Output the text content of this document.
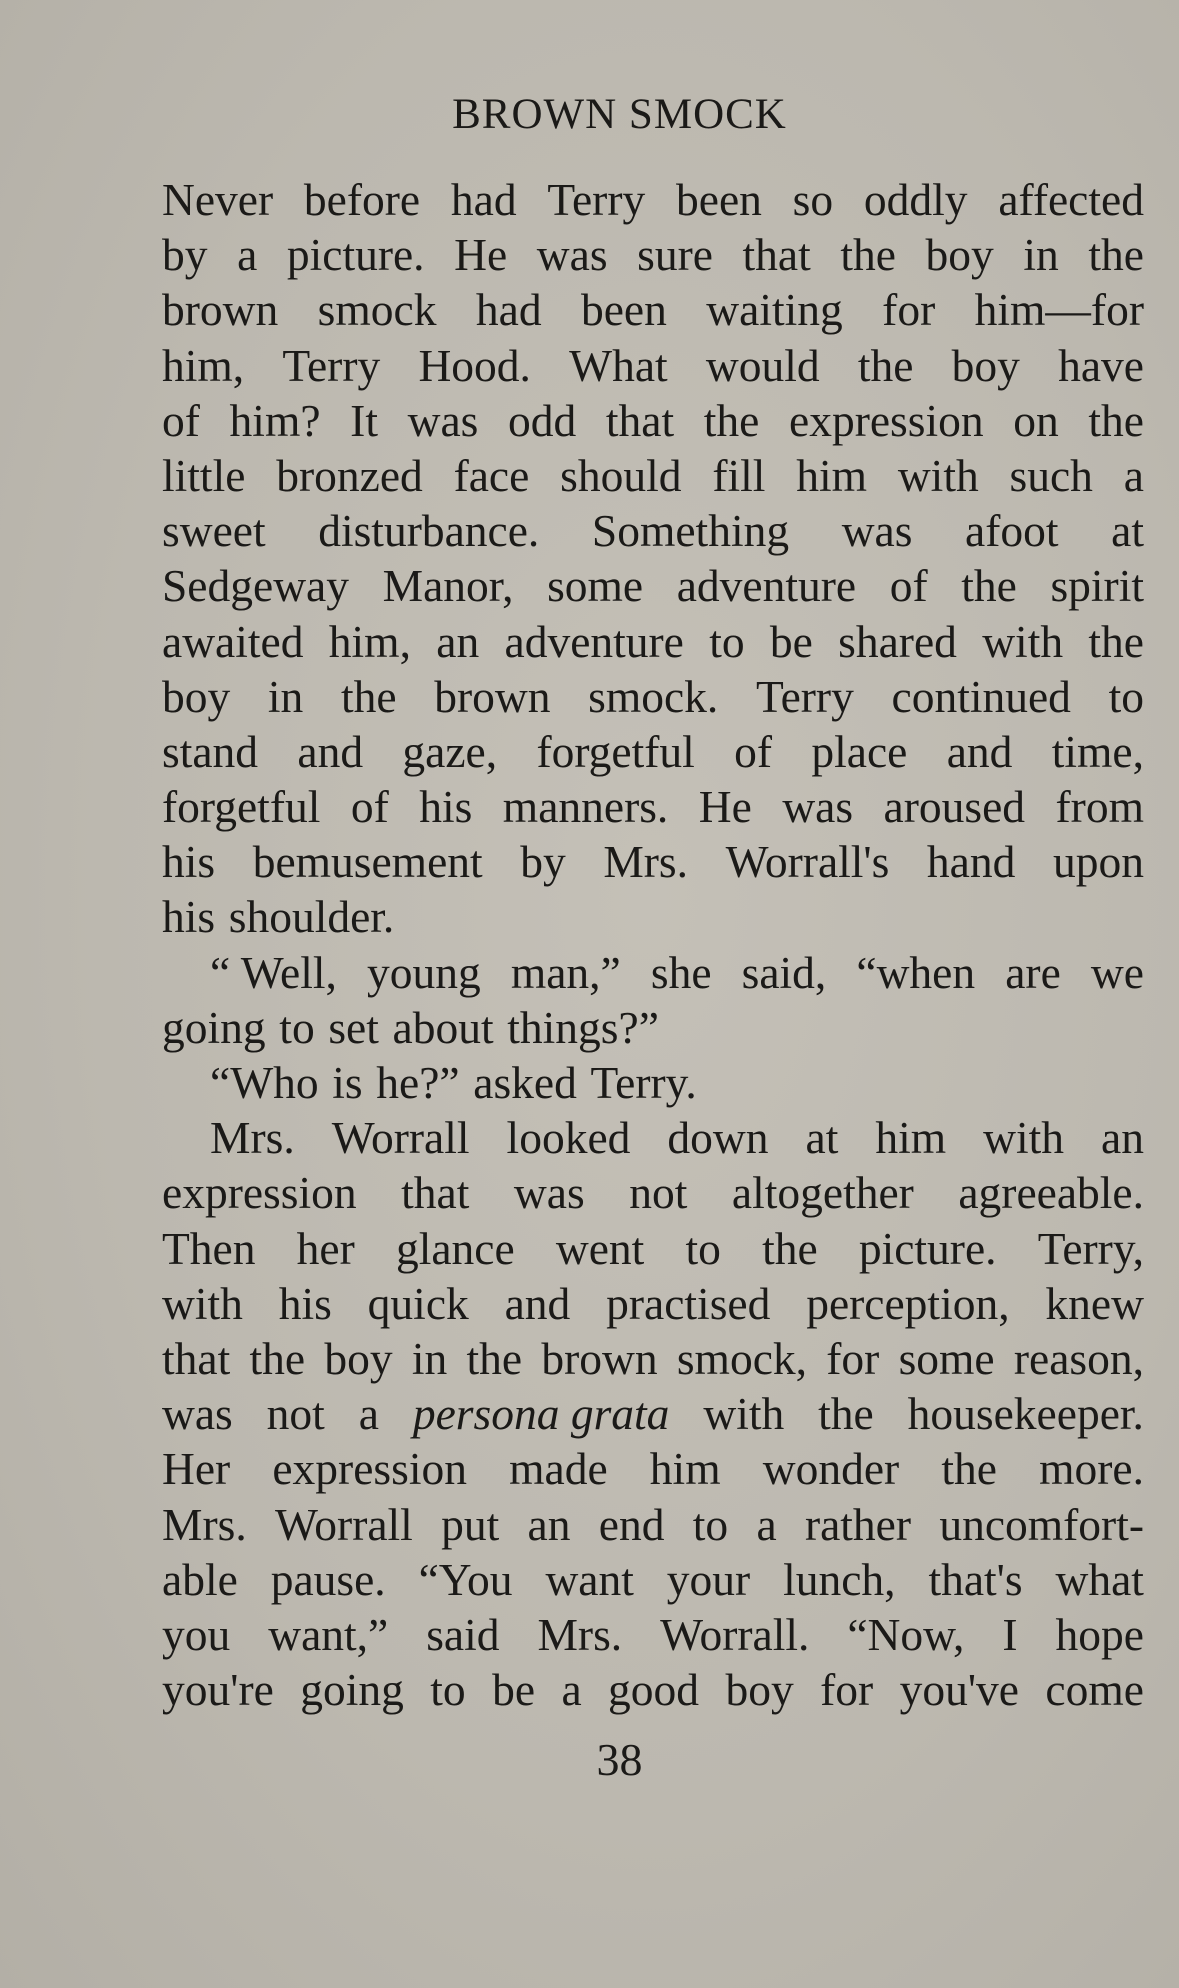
BROWN SMOCK
Never before had Terry been so oddly affected
by a picture. He was sure that the boy in the
brown smock had been waiting for him—for
him, Terry Hood. What would the boy have
of him? It was odd that the expression on the
little bronzed face should fill him with such a
sweet disturbance. Something was afoot at
Sedgeway Manor, some adventure of the spirit
awaited him, an adventure to be shared with the
boy in the brown smock. Terry continued to
stand and gaze, forgetful of place and time,
forgetful of his manners. He was aroused from
his bemusement by Mrs. Worrall's hand upon
his shoulder.
“ Well, young man,” she said, “when are we
going to set about things?”
“Who is he?” asked Terry.
Mrs. Worrall looked down at him with an
expression that was not altogether agreeable.
Then her glance went to the picture. Terry,
with his quick and practised perception, knew
that the boy in the brown smock, for some reason,
was not a persona grata with the housekeeper.
Her expression made him wonder the more.
Mrs. Worrall put an end to a rather uncomfort-
able pause. “You want your lunch, that's what
you want,” said Mrs. Worrall. “Now, I hope
you're going to be a good boy for you've come
38
